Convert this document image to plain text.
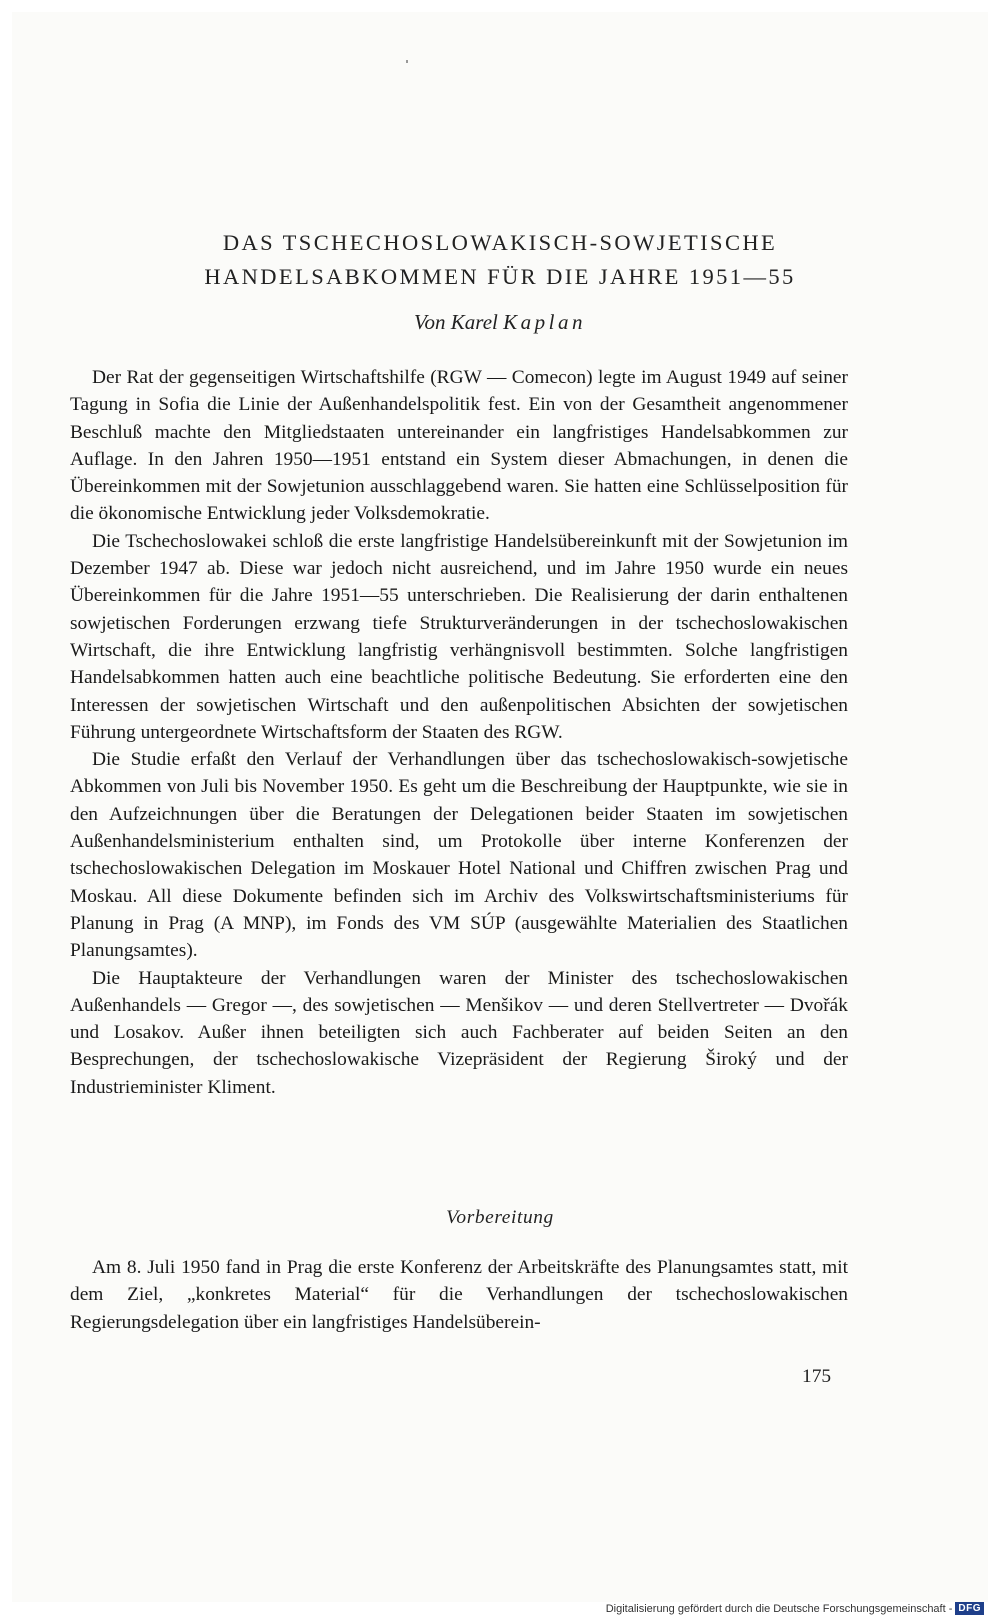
DAS TSCHECHOSLOWAKISCH-SOWJETISCHE
HANDELSABKOMMEN FÜR DIE JAHRE 1951—55
Von Karel Kaplan

Der Rat der gegenseitigen Wirtschaftshilfe (RGW — Comecon) legte im August 1949 auf seiner Tagung in Sofia die Linie der Außenhandelspolitik fest. Ein von der Gesamtheit angenommener Beschluß machte den Mitgliedstaaten untereinander ein langfristiges Handelsabkommen zur Auflage. In den Jahren 1950—1951 entstand ein System dieser Abmachungen, in denen die Übereinkommen mit der Sowjetunion ausschlaggebend waren. Sie hatten eine Schlüsselposition für die ökonomische Entwicklung jeder Volksdemokratie.

Die Tschechoslowakei schloß die erste langfristige Handelsübereinkunft mit der Sowjetunion im Dezember 1947 ab. Diese war jedoch nicht ausreichend, und im Jahre 1950 wurde ein neues Übereinkommen für die Jahre 1951—55 unterschrieben. Die Realisierung der darin enthaltenen sowjetischen Forderungen erzwang tiefe Strukturveränderungen in der tschechoslowakischen Wirtschaft, die ihre Entwicklung langfristig verhängnisvoll bestimmten. Solche langfristigen Handelsabkommen hatten auch eine beachtliche politische Bedeutung. Sie erforderten eine den Interessen der sowjetischen Wirtschaft und den außenpolitischen Absichten der sowjetischen Führung untergeordnete Wirtschaftsform der Staaten des RGW.

Die Studie erfaßt den Verlauf der Verhandlungen über das tschechoslowakisch-sowjetische Abkommen von Juli bis November 1950. Es geht um die Beschreibung der Hauptpunkte, wie sie in den Aufzeichnungen über die Beratungen der Delegationen beider Staaten im sowjetischen Außenhandelsministerium enthalten sind, um Protokolle über interne Konferenzen der tschechoslowakischen Delegation im Moskauer Hotel National und Chiffren zwischen Prag und Moskau. All diese Dokumente befinden sich im Archiv des Volkswirtschaftsministeriums für Planung in Prag (A MNP), im Fonds des VM SÚP (ausgewählte Materialien des Staatlichen Planungsamtes).

Die Hauptakteure der Verhandlungen waren der Minister des tschechoslowakischen Außenhandels — Gregor —, des sowjetischen — Menšikov — und deren Stellvertreter — Dvořák und Losakov. Außer ihnen beteiligten sich auch Fachberater auf beiden Seiten an den Besprechungen, der tschechoslowakische Vizepräsident der Regierung Široký und der Industrieminister Kliment.

Vorbereitung

Am 8. Juli 1950 fand in Prag die erste Konferenz der Arbeitskräfte des Planungsamtes statt, mit dem Ziel, „konkretes Material“ für die Verhandlungen der tschechoslowakischen Regierungsdelegation über ein langfristiges Handelsüberein-

175
Digitalisierung gefördert durch die Deutsche Forschungsgemeinschaft - DFG
